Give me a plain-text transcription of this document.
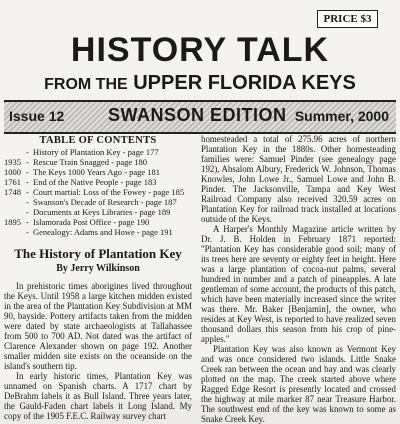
PRICE $3
HISTORY TALK
FROM THE UPPER FLORIDA KEYS
Issue 12 SWANSON EDITION Summer, 2000
TABLE OF CONTENTS
- History of Plantation Key - page 177
1935 - Rescue Train Snagged - page 180
1000 - The Keys 1000 Years Ago - page 181
1761 - End of the Native People - page 183
1748 - Court martial: Loss of the Fowey - page 185
- Swanson's Decade of Research - page 187
- Documents at Keys Libraries - page 189
1895 - Islamorada Post Office - page 190
- Genealogy: Adams and Howe - page 191
The History of Plantation Key
By Jerry Wilkinson

In prehistoric times aborigines lived throughout the Keys. Until 1958 a large kitchen midden existed in the area of the Plantation Key Subdivision at MM 90, bayside. Pottery artifacts taken from the midden were dated by state archaeologists at Tallahassee from 500 to 700 AD. Not dated was the artifact of Clarence Alexander shown on page 192. Another smaller midden site exists on the oceanside on the island's southern tip.

In early historic times, Plantation Key was unnamed on Spanish charts. A 1717 chart by DeBrahm labels it as Bull Island. Three years later, the Gauld-Faden chart labels it Long Island. My copy of the 1905 F.E.C. Railway survey chart

homesteaded a total of 275.96 acres of northern Plantation Key in the 1880s. Other homesteading families were: Samuel Pinder (see genealogy page 192), Absalom Albury, Frederick W. Johnson, Thomas Knowles, John Lowe Jr., Samuel Lowe and John B. Pinder. The Jacksonville, Tampa and Key West Railroad Company also received 320.59 acres on Plantation Key for railroad track installed at locations outside of the Keys.

A Harper's Monthly Magazine article written by Dr. J. B. Holden in February 1871 reported: "Plantation Key has considerable good soil; many of its trees here are seventy or eighty feet in height. Here was a large plantation of cocoa-nut palms, several hundred in number and a patch of pineapples. A late gentleman of some account, the products of this patch, which have been materially increased since the writer was there. Mr. Baker [Benjamin], the owner, who resides at Key West, is reported to have realized seven thousand dollars this season from his crop of pine-apples."

Plantation Key was also known as Vermont Key and was once considered two islands. Little Snake Creek ran between the ocean and bay and was clearly plotted on the map. The creek started above where Ragged Edge Resort is presently located and crossed the highway at mile marker 87 near Treasure Harbor. The southwest end of the key was known to some as Snake Creek Key.
